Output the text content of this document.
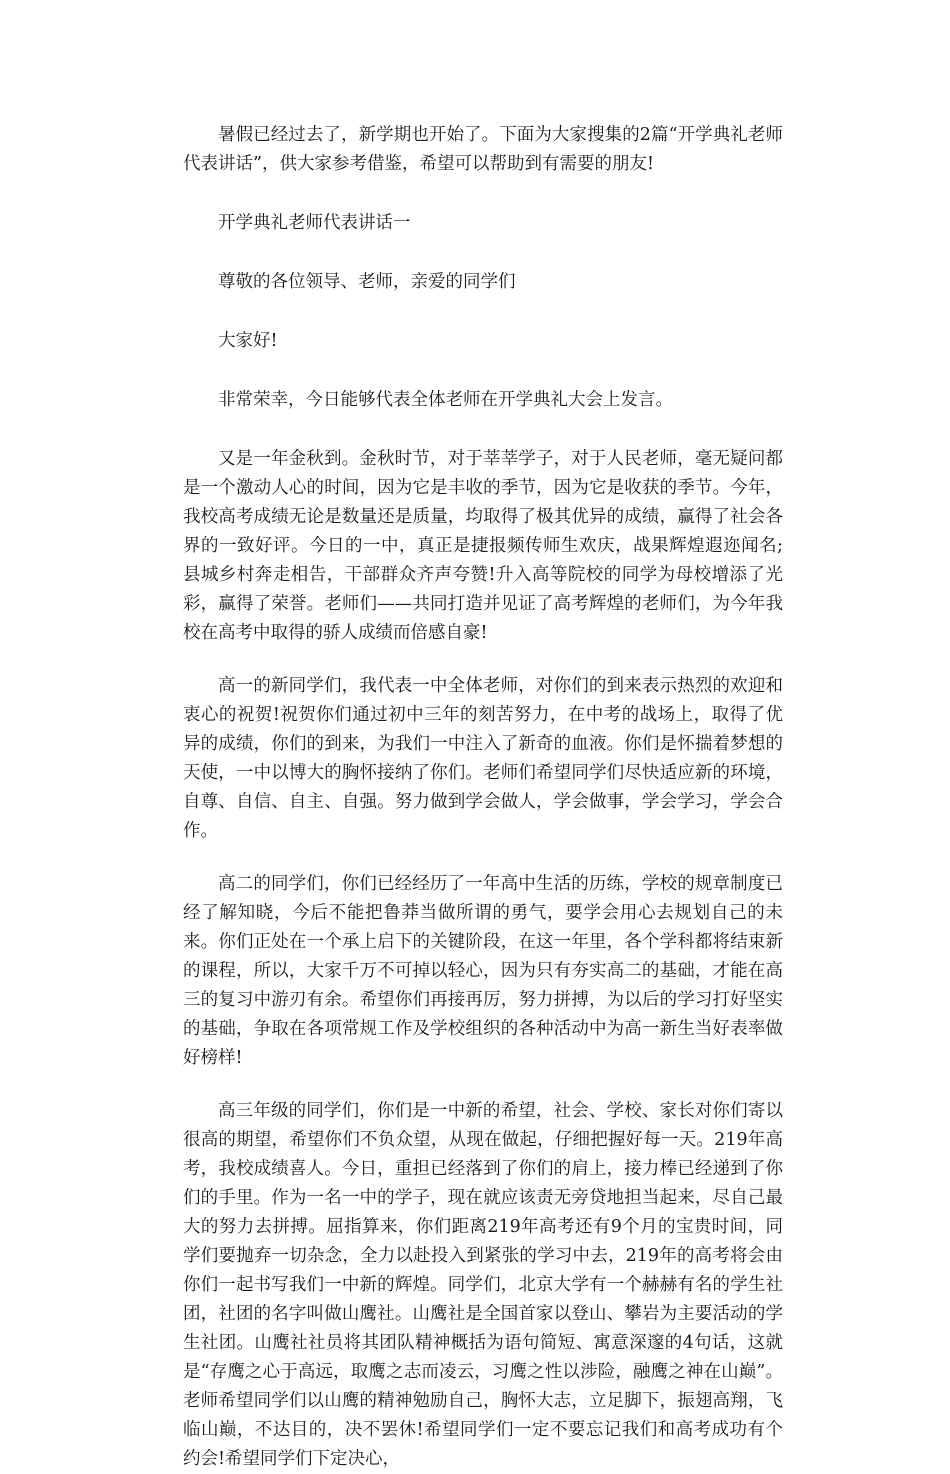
暑假已经过去了，新学期也开始了。下面为大家搜集的2篇“开学典礼老师代表讲话”，供大家参考借鉴，希望可以帮助到有需要的朋友!

开学典礼老师代表讲话一

尊敬的各位领导、老师，亲爱的同学们

大家好!

非常荣幸，今日能够代表全体老师在开学典礼大会上发言。

又是一年金秋到。金秋时节，对于莘莘学子，对于人民老师，毫无疑问都是一个激动人心的时间，因为它是丰收的季节，因为它是收获的季节。今年，我校高考成绩无论是数量还是质量，均取得了极其优异的成绩，赢得了社会各界的一致好评。今日的一中，真正是捷报频传师生欢庆，战果辉煌遐迩闻名;县城乡村奔走相告，干部群众齐声夸赞!升入高等院校的同学为母校增添了光彩，赢得了荣誉。老师们——共同打造并见证了高考辉煌的老师们，为今年我校在高考中取得的骄人成绩而倍感自豪!

高一的新同学们，我代表一中全体老师，对你们的到来表示热烈的欢迎和衷心的祝贺!祝贺你们通过初中三年的刻苦努力，在中考的战场上，取得了优异的成绩，你们的到来，为我们一中注入了新奇的血液。你们是怀揣着梦想的天使，一中以博大的胸怀接纳了你们。老师们希望同学们尽快适应新的环境，自尊、自信、自主、自强。努力做到学会做人，学会做事，学会学习，学会合作。

高二的同学们，你们已经经历了一年高中生活的历练，学校的规章制度已经了解知晓，今后不能把鲁莽当做所谓的勇气，要学会用心去规划自己的未来。你们正处在一个承上启下的关键阶段，在这一年里，各个学科都将结束新的课程，所以，大家千万不可掉以轻心，因为只有夯实高二的基础，才能在高三的复习中游刃有余。希望你们再接再厉，努力拼搏，为以后的学习打好坚实的基础，争取在各项常规工作及学校组织的各种活动中为高一新生当好表率做好榜样!

高三年级的同学们，你们是一中新的希望，社会、学校、家长对你们寄以很高的期望，希望你们不负众望，从现在做起，仔细把握好每一天。219年高考，我校成绩喜人。今日，重担已经落到了你们的肩上，接力棒已经递到了你们的手里。作为一名一中的学子，现在就应该责无旁贷地担当起来，尽自己最大的努力去拼搏。屈指算来，你们距离219年高考还有9个月的宝贵时间，同学们要抛弃一切杂念，全力以赴投入到紧张的学习中去，219年的高考将会由你们一起书写我们一中新的辉煌。同学们，北京大学有一个赫赫有名的学生社团，社团的名字叫做山鹰社。山鹰社是全国首家以登山、攀岩为主要活动的学生社团。山鹰社社员将其团队精神概括为语句简短、寓意深邃的4句话，这就是“存鹰之心于高远，取鹰之志而凌云，习鹰之性以涉险，融鹰之神在山巅”。老师希望同学们以山鹰的精神勉励自己，胸怀大志，立足脚下，振翅高翔，飞临山巅，不达目的，决不罢休!希望同学们一定不要忘记我们和高考成功有个约会!希望同学们下定决心，
